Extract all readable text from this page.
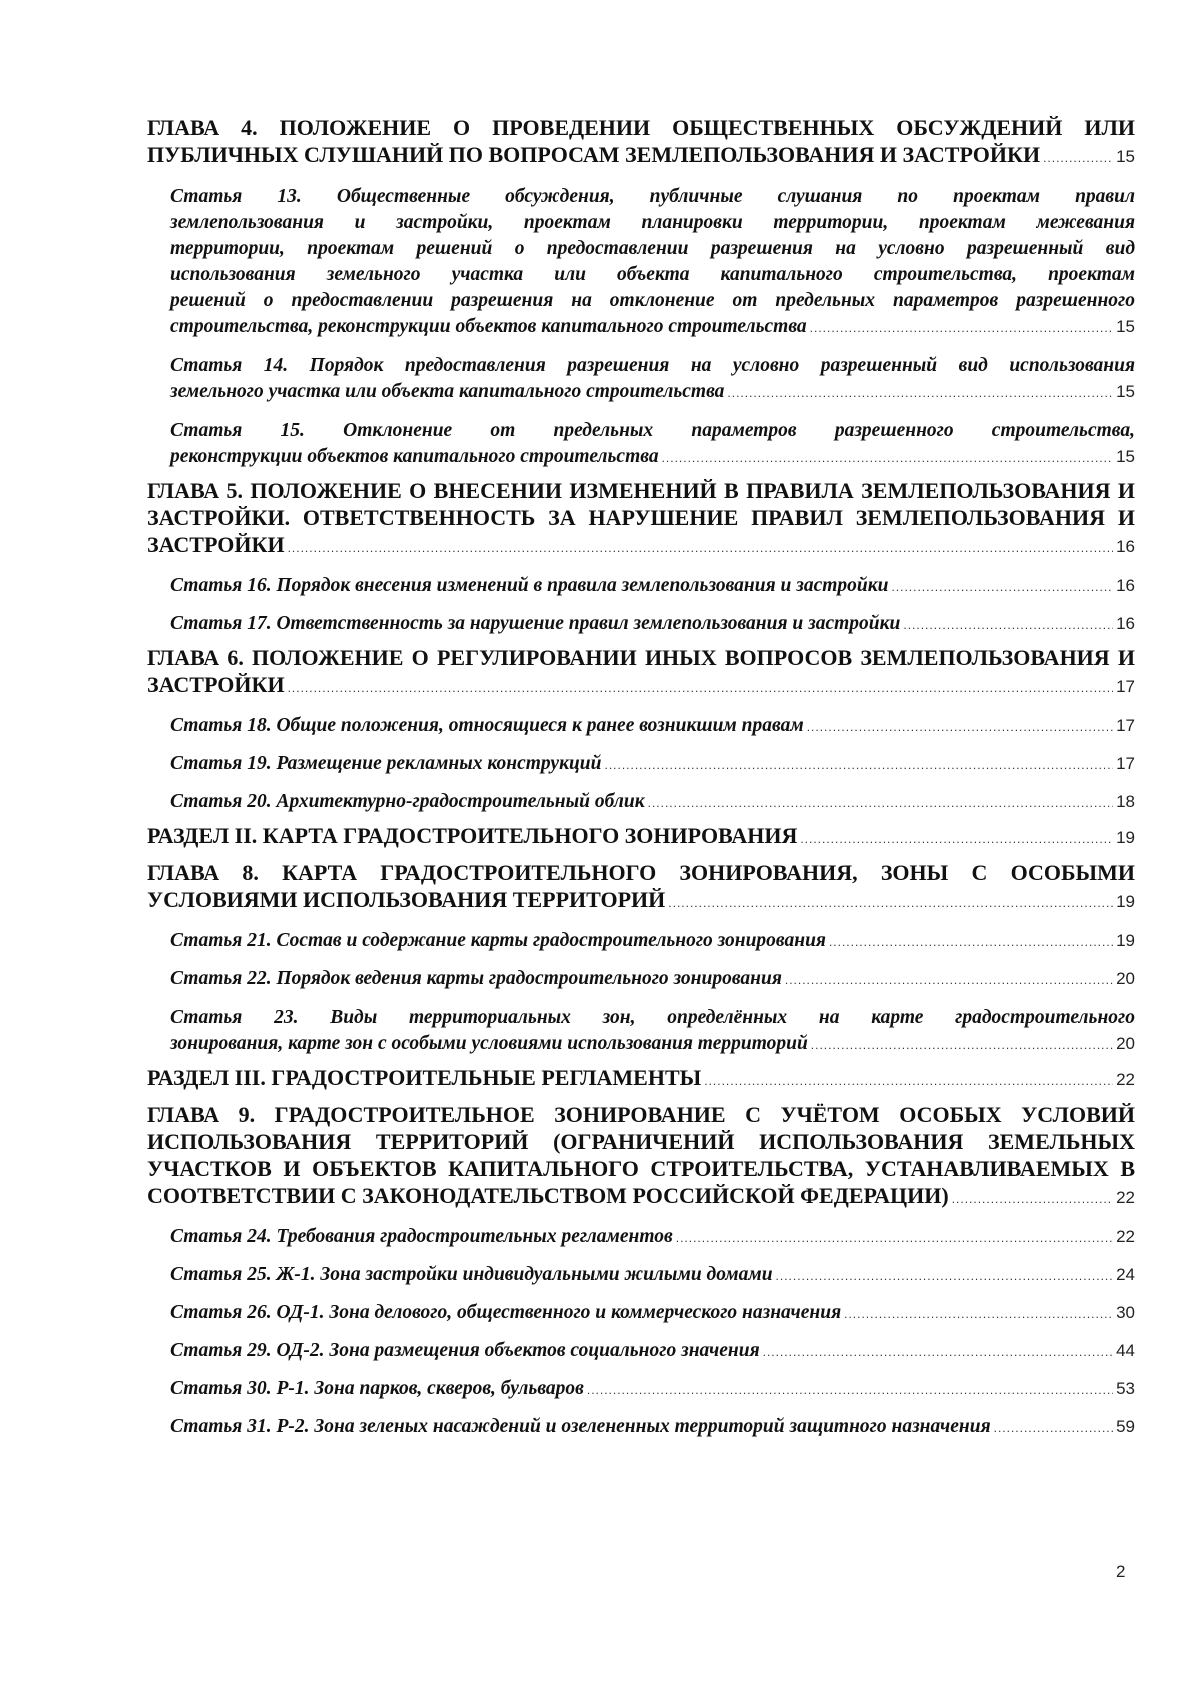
ГЛАВА 4. ПОЛОЖЕНИЕ О ПРОВЕДЕНИИ ОБЩЕСТВЕННЫХ ОБСУЖДЕНИЙ ИЛИ
ПУБЛИЧНЫХ СЛУШАНИЙ ПО ВОПРОСАМ ЗЕМЛЕПОЛЬЗОВАНИЯ И ЗАСТРОЙКИ .....	15
Статья 13. Общественные обсуждения, публичные слушания по проектам правил
землепользования и застройки, проектам планировки территории, проектам межевания
территории, проектам решений о предоставлении разрешения на условно разрешенный вид
использования земельного участка или объекта капитального строительства, проектам
решений о предоставлении разрешения на отклонение от предельных параметров разрешенного
строительства, реконструкции объектов капитального строительства .....	15
Статья 14. Порядок предоставления разрешения на условно разрешенный вид использования
земельного участка или объекта капитального строительства .....	15
Статья 15. Отклонение от предельных параметров разрешенного строительства,
реконструкции объектов капитального строительства .....	15
ГЛАВА 5. ПОЛОЖЕНИЕ О ВНЕСЕНИИ ИЗМЕНЕНИЙ В ПРАВИЛА ЗЕМЛЕПОЛЬЗОВАНИЯ И
ЗАСТРОЙКИ. ОТВЕТСТВЕННОСТЬ ЗА НАРУШЕНИЕ ПРАВИЛ ЗЕМЛЕПОЛЬЗОВАНИЯ И
ЗАСТРОЙКИ .....	16
Статья 16. Порядок внесения изменений в правила землепользования и застройки .....	16
Статья 17. Ответственность за нарушение правил землепользования и застройки .....	16
ГЛАВА 6. ПОЛОЖЕНИЕ О РЕГУЛИРОВАНИИ ИНЫХ ВОПРОСОВ ЗЕМЛЕПОЛЬЗОВАНИЯ И
ЗАСТРОЙКИ .....	17
Статья 18. Общие положения, относящиеся к ранее возникшим правам .....	17
Статья 19. Размещение рекламных конструкций .....	17
Статья 20. Архитектурно-градостроительный облик .....	18
РАЗДЕЛ II. КАРТА ГРАДОСТРОИТЕЛЬНОГО ЗОНИРОВАНИЯ .....	19
ГЛАВА 8. КАРТА ГРАДОСТРОИТЕЛЬНОГО ЗОНИРОВАНИЯ, ЗОНЫ С ОСОБЫМИ
УСЛОВИЯМИ ИСПОЛЬЗОВАНИЯ ТЕРРИТОРИЙ .....	19
Статья 21. Состав и содержание карты градостроительного зонирования .....	19
Статья 22. Порядок ведения карты градостроительного зонирования .....	20
Статья 23. Виды территориальных зон, определённых на карте градостроительного
зонирования, карте зон с особыми условиями использования территорий .....	20
РАЗДЕЛ III. ГРАДОСТРОИТЕЛЬНЫЕ РЕГЛАМЕНТЫ .....	22
ГЛАВА 9. ГРАДОСТРОИТЕЛЬНОЕ ЗОНИРОВАНИЕ С УЧЁТОМ ОСОБЫХ УСЛОВИЙ
ИСПОЛЬЗОВАНИЯ ТЕРРИТОРИЙ (ОГРАНИЧЕНИЙ ИСПОЛЬЗОВАНИЯ ЗЕМЕЛЬНЫХ
УЧАСТКОВ И ОБЪЕКТОВ КАПИТАЛЬНОГО СТРОИТЕЛЬСТВА, УСТАНАВЛИВАЕМЫХ В
СООТВЕТСТВИИ С ЗАКОНОДАТЕЛЬСТВОМ РОССИЙСКОЙ ФЕДЕРАЦИИ) .....	22
Статья 24. Требования градостроительных регламентов .....	22
Статья 25. Ж-1. Зона застройки индивидуальными жилыми домами .....	24
Статья 26. ОД-1. Зона делового, общественного и коммерческого назначения .....	30
Статья 29. ОД-2. Зона размещения объектов социального значения .....	44
Статья 30. Р-1. Зона парков, скверов, бульваров .....	53
Статья 31. Р-2. Зона зеленых насаждений и озелененных территорий защитного назначения .....	59
2
